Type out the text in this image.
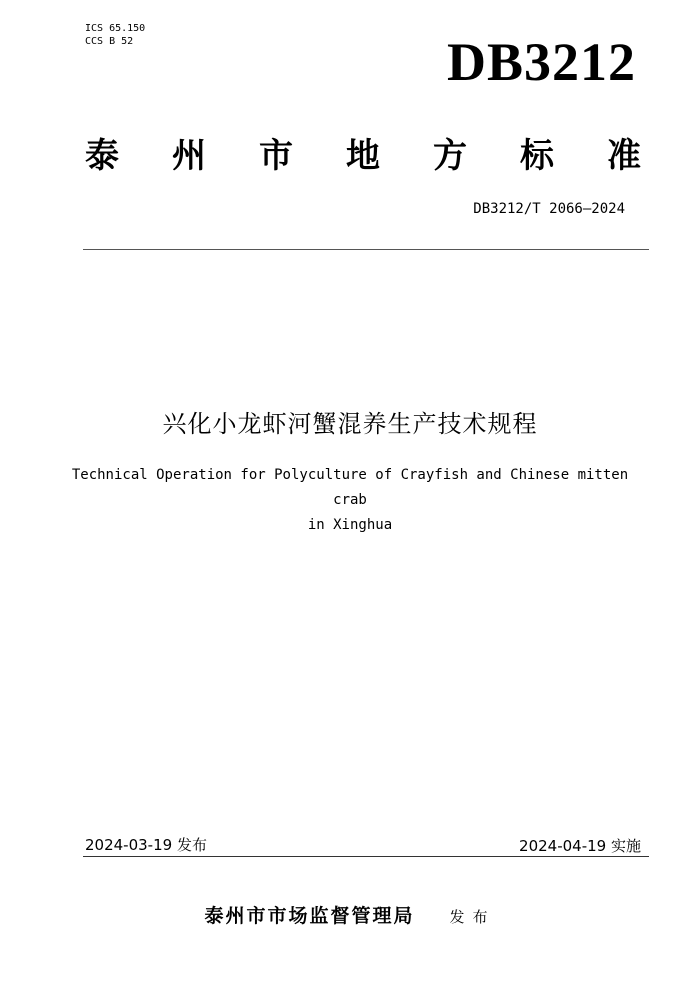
ICS 65.150
CCS B 52	DB3212
泰 州 市 地 方 标 准
DB3212/T 2066—2024
兴化小龙虾河蟹混养生产技术规程
Technical Operation for Polyculture of Crayfish and Chinese mitten crab
in Xinghua
2024-03-19 发布	2024-04-19 实施
泰州市市场监督管理局 发布
